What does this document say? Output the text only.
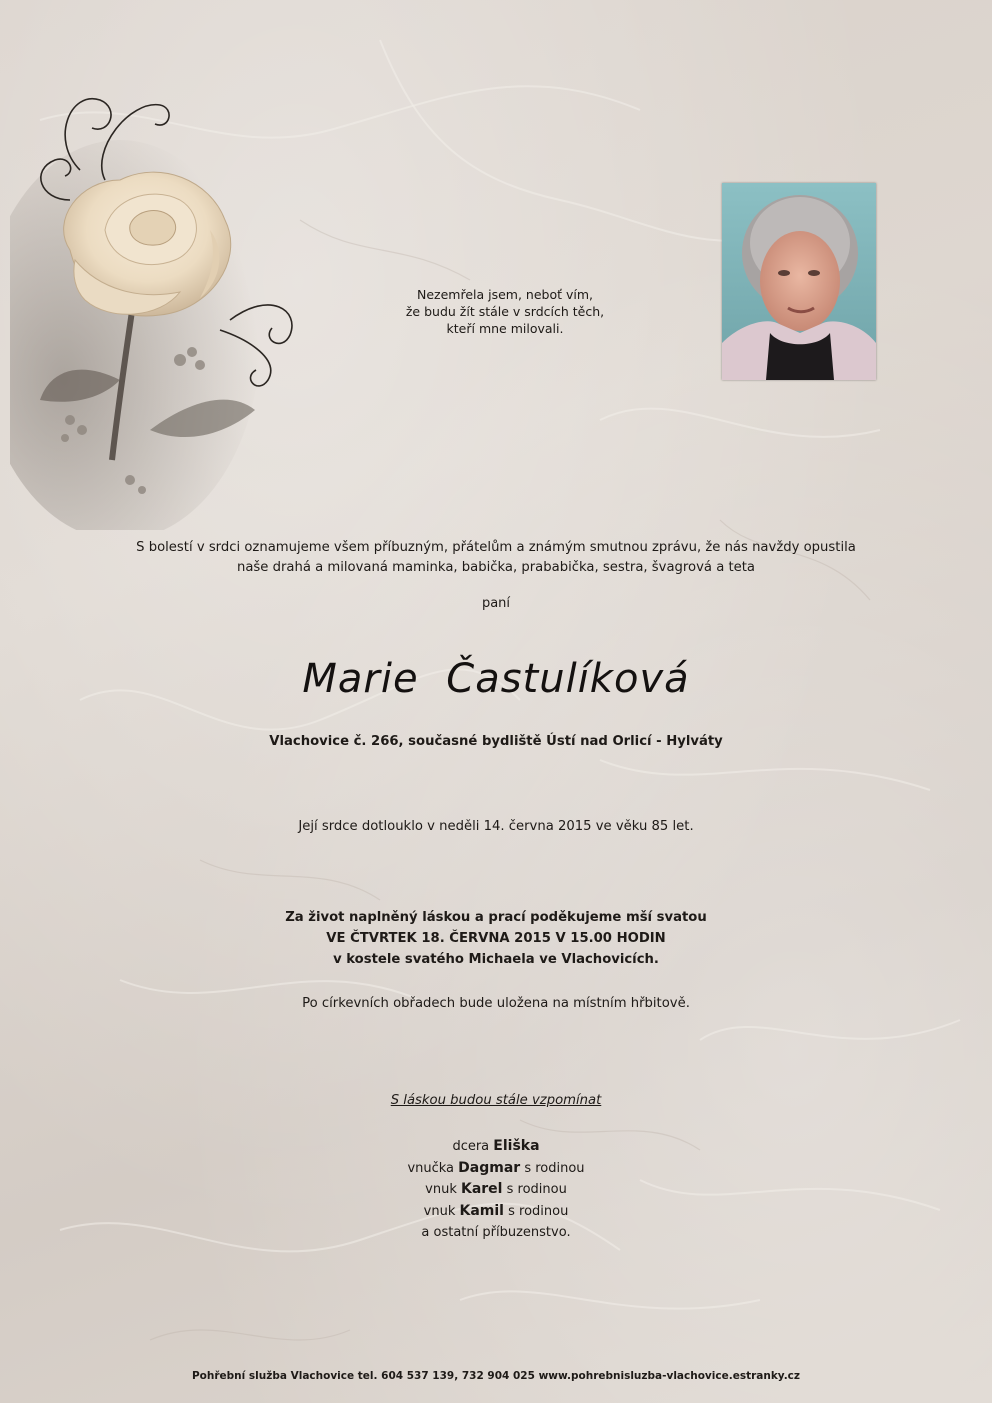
Nezemřela jsem, neboť vím,
že budu žít stále v srdcích těch,
kteří mne milovali.
S bolestí v srdci oznamujeme všem příbuzným, přátelům a známým smutnou zprávu, že nás navždy opustila
naše drahá a milovaná maminka, babička, prababička, sestra, švagrová a teta
paní
Marie Častulíková
Vlachovice č. 266, současné bydliště Ústí nad Orlicí - Hylváty
Její srdce dotlouklo v neděli 14. června 2015 ve věku 85 let.
Za život naplněný láskou a prací poděkujeme mší svatou
VE ČTVRTEK 18. ČERVNA 2015 V 15.00 HODIN
v kostele svatého Michaela ve Vlachovicích.
Po církevních obřadech bude uložena na místním hřbitově.
S láskou budou stále vzpomínat
dcera Eliška
vnučka Dagmar s rodinou
vnuk Karel s rodinou
vnuk Kamil s rodinou
a ostatní příbuzenstvo.
Pohřební služba Vlachovice tel. 604 537 139, 732 904 025 www.pohrebnisluzba-vlachovice.estranky.cz
